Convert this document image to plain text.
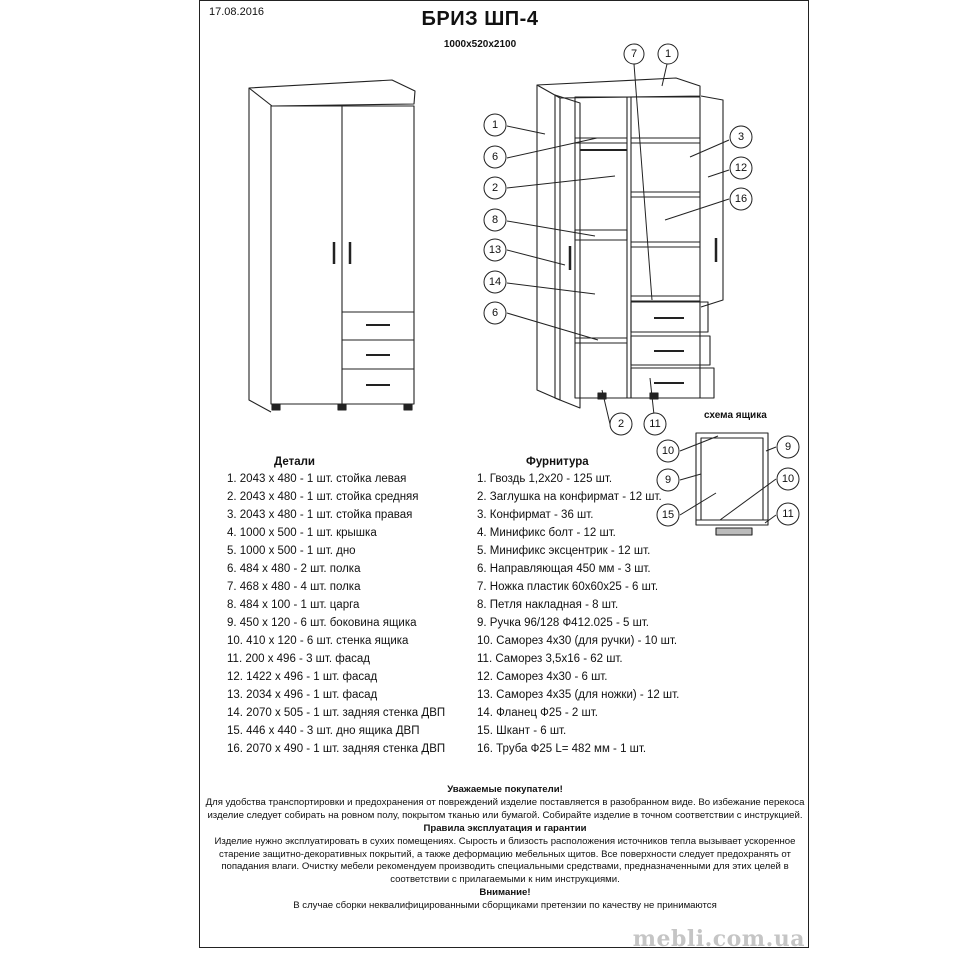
17.08.2016	БРИЗ ШП-4
1000x520x2100
1
7
1
6
2
8
13
14
6
3
12
16
2 11
10	9
9	10
15	11
схема ящика
Детали
1. 2043 x 480 - 1 шт. стойка левая
2. 2043 x 480 - 1 шт. стойка средняя
3. 2043 x 480 - 1 шт. стойка правая
4. 1000 x 500 - 1 шт. крышка
5. 1000 x 500 - 1 шт. дно
6. 484 x 480 - 2 шт. полка
7. 468 x 480 - 4 шт. полка
8. 484 x 100 - 1 шт. царга
9. 450 x 120 - 6 шт. боковина ящика
10. 410 x 120 - 6 шт. стенка ящика
11. 200 x 496 - 3 шт. фасад
12. 1422 x 496 - 1 шт. фасад
13. 2034 x 496 - 1 шт. фасад
14. 2070 x 505 - 1 шт. задняя стенка ДВП
15. 446 x 440 - 3 шт. дно ящика ДВП
16. 2070 x 490 - 1 шт. задняя стенка ДВП
Фурнитура
1. Гвоздь 1,2x20 - 125 шт.
2. Заглушка на конфирмат - 12 шт.
3. Конфирмат - 36 шт.
4. Минификс болт - 12 шт.
5. Минификс эксцентрик - 12 шт.
6. Направляющая 450 мм - 3 шт.
7. Ножка пластик 60x60x25 - 6 шт.
8. Петля накладная - 8 шт.
9. Ручка 96/128 Ф412.025 - 5 шт.
10. Саморез 4x30 (для ручки) - 10 шт.
11. Саморез 3,5x16 - 62 шт.
12. Саморез 4x30 - 6 шт.
13. Саморез 4x35 (для ножки) - 12 шт.
14. Фланец Ф25 - 2 шт.
15. Шкант - 6 шт.
16. Труба Ф25 L= 482 мм - 1 шт.
Уважаемые покупатели!
Для удобства транспортировки и предохранения от повреждений изделие поставляется в разобранном виде. Во избежание перекоса изделие следует собирать на ровном полу, покрытом тканью или бумагой. Собирайте изделие в точном соответствии с инструкцией.
Правила эксплуатация и гарантии
Изделие нужно эксплуатировать в сухих помещениях. Сырость и близость расположения источников тепла вызывает ускоренное старение защитно-декоративных покрытий, а также деформацию мебельных щитов. Все поверхности следует предохранять от попадания влаги. Очистку мебели рекомендуем производить специальными средствами, предназначенными для этих целей в соответствии с прилагаемыми к ним инструкциями.
Внимание!
В случае сборки неквалифицированными сборщиками претензии по качеству не принимаются
mebli.com.ua
